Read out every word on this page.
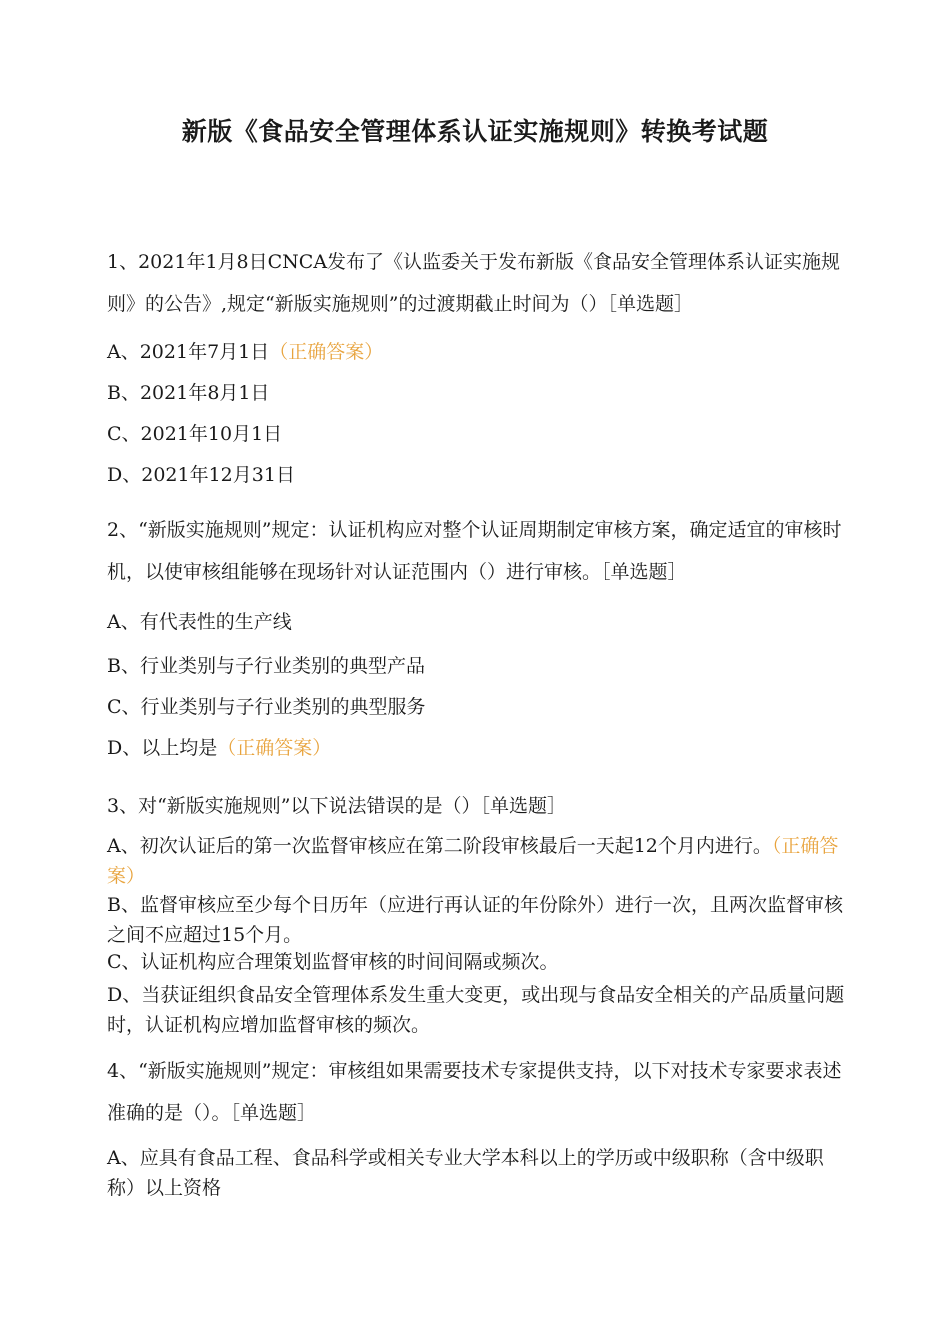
新版《食品安全管理体系认证实施规则》转换考试题
1、2021年1月8日CNCA发布了《认监委关于发布新版《食品安全管理体系认证实施规则》的公告》,规定“新版实施规则”的过渡期截止时间为（）［单选题］
A、2021年7月1日（正确答案）
B、2021年8月1日
C、2021年10月1日
D、2021年12月31日
2、“新版实施规则”规定：认证机构应对整个认证周期制定审核方案，确定适宜的审核时机，以使审核组能够在现场针对认证范围内（）进行审核。［单选题］
A、有代表性的生产线
B、行业类别与子行业类别的典型产品
C、行业类别与子行业类别的典型服务
D、以上均是（正确答案）
3、对“新版实施规则”以下说法错误的是（）［单选题］
A、初次认证后的第一次监督审核应在第二阶段审核最后一天起12个月内进行。（正确答案）
B、监督审核应至少每个日历年（应进行再认证的年份除外）进行一次，且两次监督审核之间不应超过15个月。
C、认证机构应合理策划监督审核的时间间隔或频次。
D、当获证组织食品安全管理体系发生重大变更，或出现与食品安全相关的产品质量问题时，认证机构应增加监督审核的频次。
4、“新版实施规则”规定：审核组如果需要技术专家提供支持，以下对技术专家要求表述准确的是（）。［单选题］
A、应具有食品工程、食品科学或相关专业大学本科以上的学历或中级职称（含中级职称）以上资格
